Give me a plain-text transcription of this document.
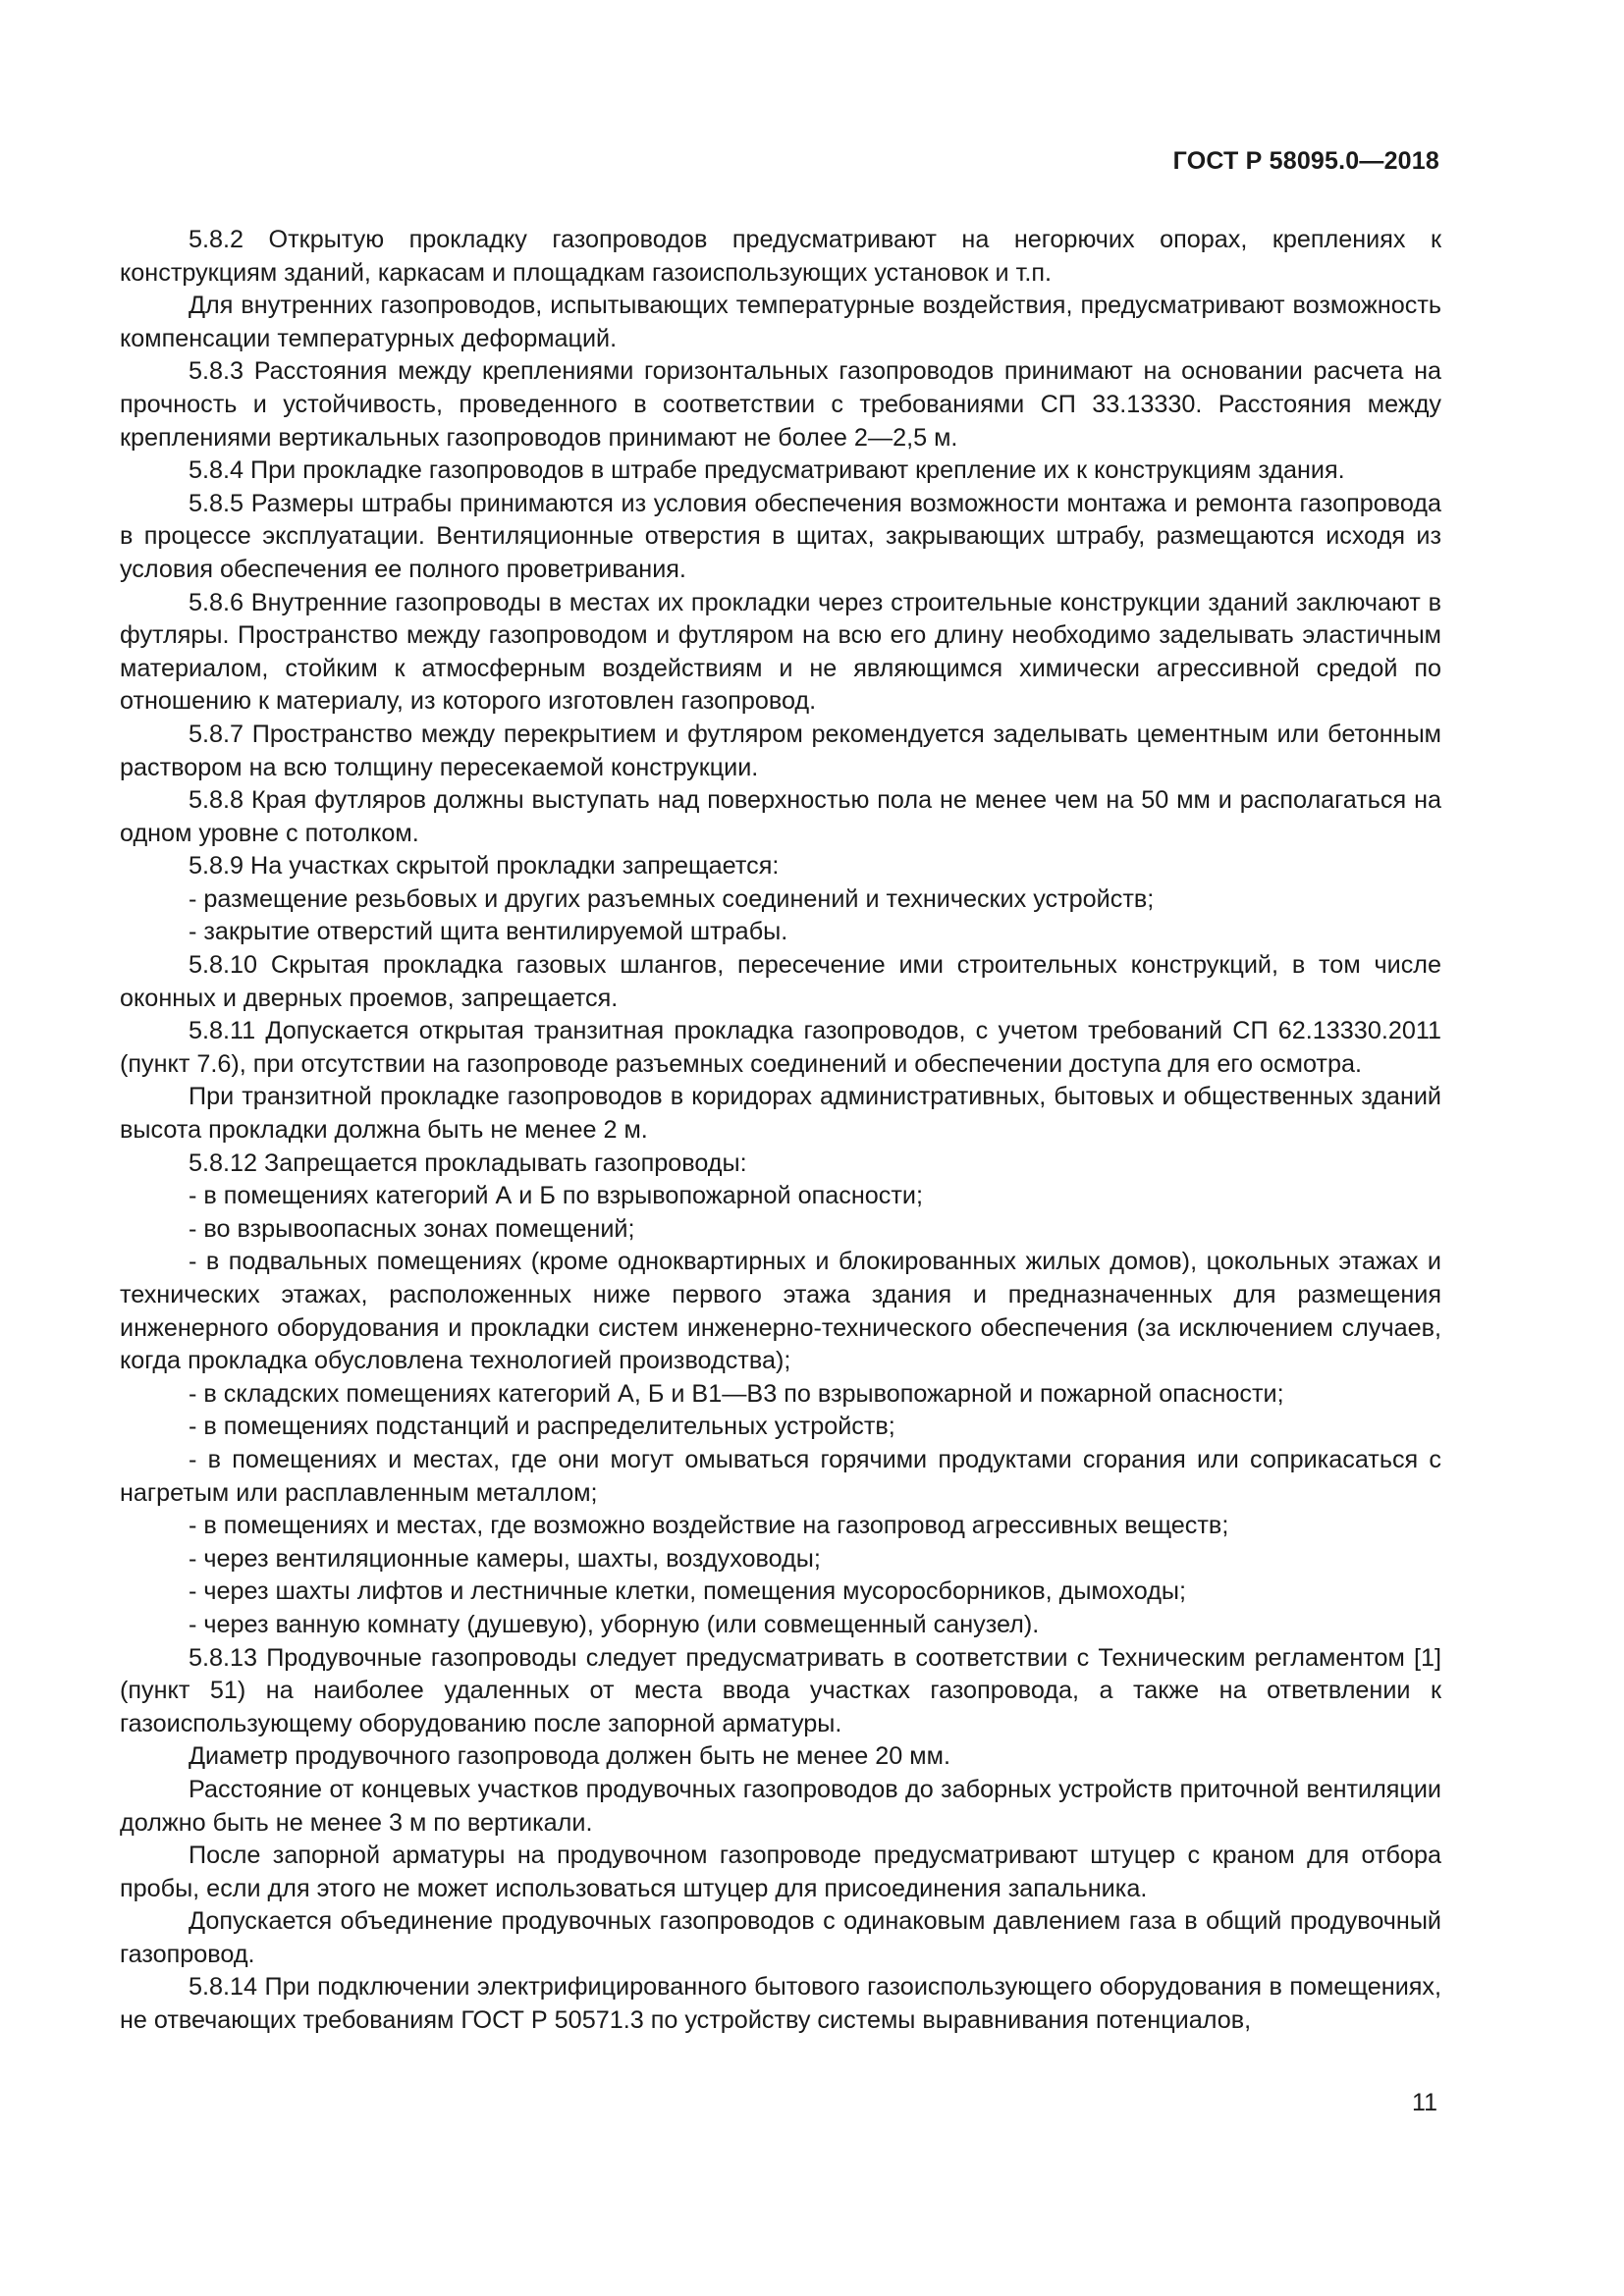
ГОСТ Р 58095.0—2018

5.8.2 Открытую прокладку газопроводов предусматривают на негорючих опорах, креплениях к конструкциям зданий, каркасам и площадкам газоиспользующих установок и т.п.

Для внутренних газопроводов, испытывающих температурные воздействия, предусматривают возможность компенсации температурных деформаций.

5.8.3 Расстояния между креплениями горизонтальных газопроводов принимают на основании расчета на прочность и устойчивость, проведенного в соответствии с требованиями СП 33.13330. Расстояния между креплениями вертикальных газопроводов принимают не более 2—2,5 м.

5.8.4 При прокладке газопроводов в штрабе предусматривают крепление их к конструкциям здания.

5.8.5 Размеры штрабы принимаются из условия обеспечения возможности монтажа и ремонта газопровода в процессе эксплуатации. Вентиляционные отверстия в щитах, закрывающих штрабу, размещаются исходя из условия обеспечения ее полного проветривания.

5.8.6 Внутренние газопроводы в местах их прокладки через строительные конструкции зданий заключают в футляры. Пространство между газопроводом и футляром на всю его длину необходимо заделывать эластичным материалом, стойким к атмосферным воздействиям и не являющимся химически агрессивной средой по отношению к материалу, из которого изготовлен газопровод.

5.8.7 Пространство между перекрытием и футляром рекомендуется заделывать цементным или бетонным раствором на всю толщину пересекаемой конструкции.

5.8.8 Края футляров должны выступать над поверхностью пола не менее чем на 50 мм и располагаться на одном уровне с потолком.

5.8.9 На участках скрытой прокладки запрещается:

- размещение резьбовых и других разъемных соединений и технических устройств;

- закрытие отверстий щита вентилируемой штрабы.

5.8.10 Скрытая прокладка газовых шлангов, пересечение ими строительных конструкций, в том числе оконных и дверных проемов, запрещается.

5.8.11 Допускается открытая транзитная прокладка газопроводов, с учетом требований СП 62.13330.2011 (пункт 7.6), при отсутствии на газопроводе разъемных соединений и обеспечении доступа для его осмотра.

При транзитной прокладке газопроводов в коридорах административных, бытовых и общественных зданий высота прокладки должна быть не менее 2 м.

5.8.12 Запрещается прокладывать газопроводы:

- в помещениях категорий А и Б по взрывопожарной опасности;

- во взрывоопасных зонах помещений;

- в подвальных помещениях (кроме одноквартирных и блокированных жилых домов), цокольных этажах и технических этажах, расположенных ниже первого этажа здания и предназначенных для размещения инженерного оборудования и прокладки систем инженерно-технического обеспечения (за исключением случаев, когда прокладка обусловлена технологией производства);

- в складских помещениях категорий А, Б и В1—В3 по взрывопожарной и пожарной опасности;

- в помещениях подстанций и распределительных устройств;

- в помещениях и местах, где они могут омываться горячими продуктами сгорания или соприкасаться с нагретым или расплавленным металлом;

- в помещениях и местах, где возможно воздействие на газопровод агрессивных веществ;

- через вентиляционные камеры, шахты, воздуховоды;

- через шахты лифтов и лестничные клетки, помещения мусоросборников, дымоходы;

- через ванную комнату (душевую), уборную (или совмещенный санузел).

5.8.13 Продувочные газопроводы следует предусматривать в соответствии с Техническим регламентом [1] (пункт 51) на наиболее удаленных от места ввода участках газопровода, а также на ответвлении к газоиспользующему оборудованию после запорной арматуры.

Диаметр продувочного газопровода должен быть не менее 20 мм.

Расстояние от концевых участков продувочных газопроводов до заборных устройств приточной вентиляции должно быть не менее 3 м по вертикали.

После запорной арматуры на продувочном газопроводе предусматривают штуцер с краном для отбора пробы, если для этого не может использоваться штуцер для присоединения запальника.

Допускается объединение продувочных газопроводов с одинаковым давлением газа в общий продувочный газопровод.

5.8.14 При подключении электрифицированного бытового газоиспользующего оборудования в помещениях, не отвечающих требованиям ГОСТ Р 50571.3 по устройству системы выравнивания потенциалов,

11
